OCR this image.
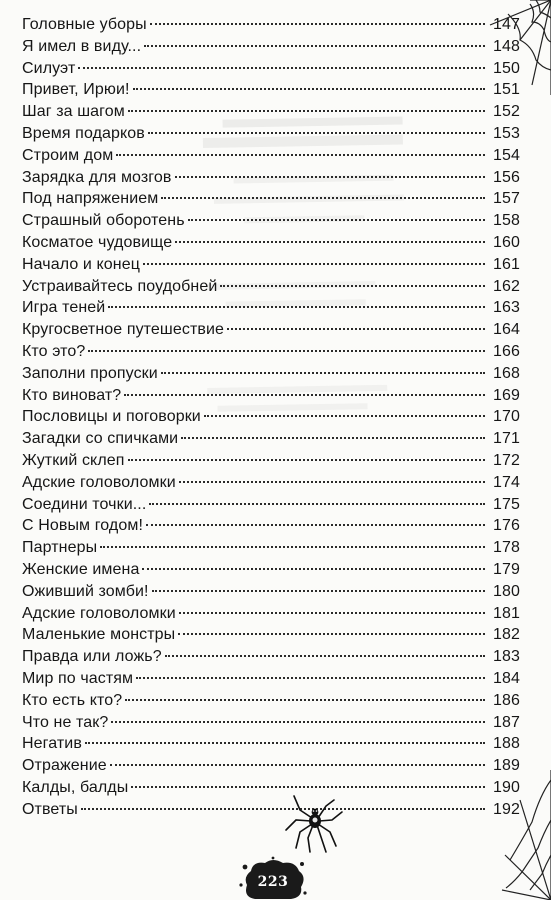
Головные уборы	147
Я имел в виду...	148
Силуэт	150
Привет, Ирюи!	151
Шаг за шагом	152
Время подарков	153
Строим дом	154
Зарядка для мозгов	156
Под напряжением	157
Страшный оборотень	158
Косматое чудовище	160
Начало и конец	161
Устраивайтесь поудобней	162
Игра теней	163
Кругосветное путешествие	164
Кто это?	166
Заполни пропуски	168
Кто виноват?	169
Пословицы и поговорки	170
Загадки со спичками	171
Жуткий склеп	172
Адские головоломки	174
Соедини точки...	175
С Новым годом!	176
Партнеры	178
Женские имена	179
Оживший зомби!	180
Адские головоломки	181
Маленькие монстры	182
Правда или ложь?	183
Мир по частям	184
Кто есть кто?	186
Что не так?	187
Негатив	188
Отражение	189
Калды, балды	190
Ответы	192
223
